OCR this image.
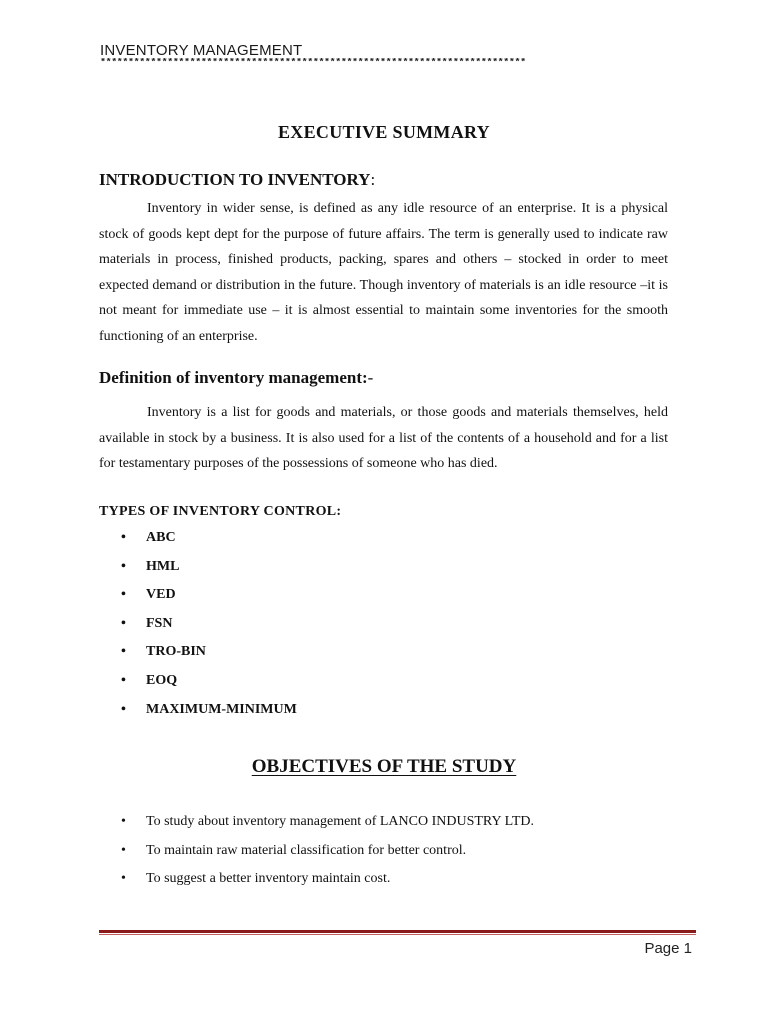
INVENTORY MANAGEMENT
****************************************************************************
EXECUTIVE SUMMARY
INTRODUCTION TO INVENTORY:

Inventory in wider sense, is defined as any idle resource of an enterprise. It is a physical stock of goods kept dept for the purpose of future affairs. The term is generally used to indicate raw materials in process, finished products, packing, spares and others – stocked in order to meet expected demand or distribution in the future. Though inventory of materials is an idle resource –it is not meant for immediate use – it is almost essential to maintain some inventories for the smooth functioning of an enterprise.

Definition of inventory management:-

Inventory is a list for goods and materials, or those goods and materials themselves, held available in stock by a business. It is also used for a list of the contents of a household and for a list for testamentary purposes of the possessions of someone who has died.

TYPES OF INVENTORY CONTROL:
• ABC
• HML
• VED
• FSN
• TRO-BIN
• EOQ
• MAXIMUM-MINIMUM
OBJECTIVES OF THE STUDY
• To study about inventory management of LANCO INDUSTRY LTD.
• To maintain raw material classification for better control.
• To suggest a better inventory maintain cost.
Page 1
